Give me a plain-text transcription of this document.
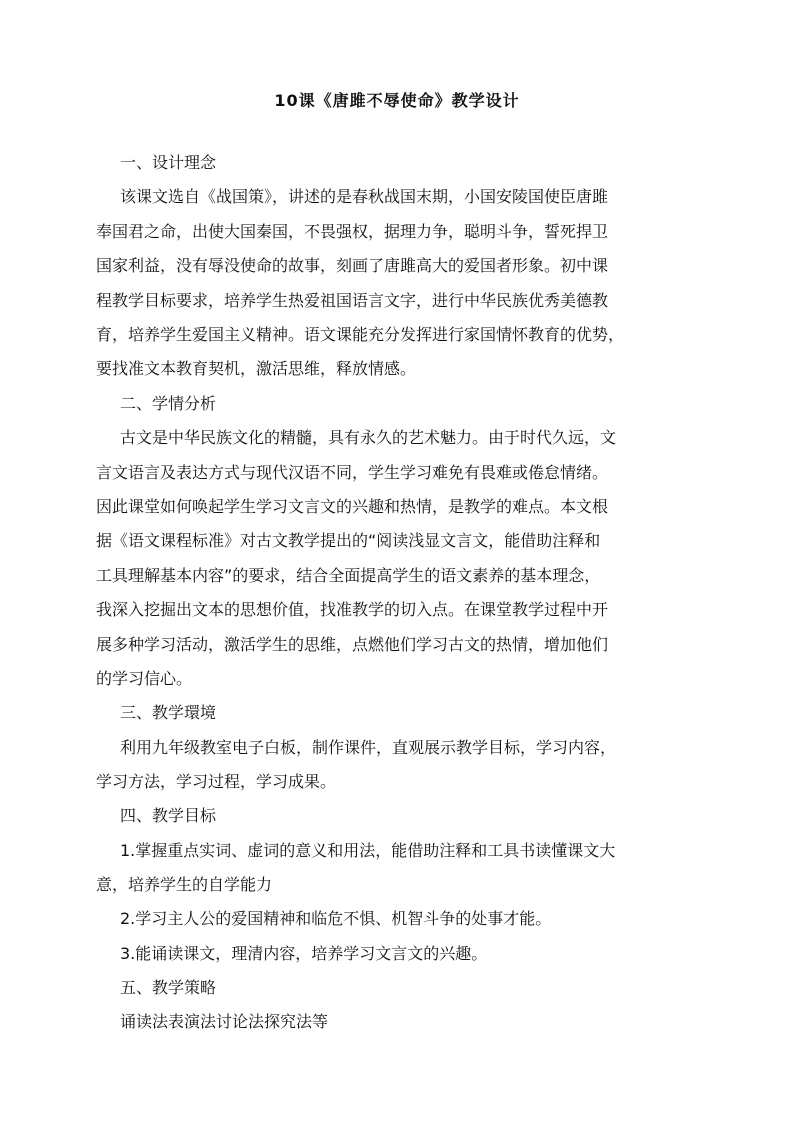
10课《唐雎不辱使命》教学设计
一、设计理念
该课文选自《战国策》，讲述的是春秋战国末期，小国安陵国使臣唐雎
奉国君之命，出使大国秦国，不畏强权，据理力争，聪明斗争，誓死捍卫
国家利益，没有辱没使命的故事，刻画了唐雎高大的爱国者形象。初中课
程教学目标要求，培养学生热爱祖国语言文字，进行中华民族优秀美德教
育，培养学生爱国主义精神。语文课能充分发挥进行家国情怀教育的优势，
要找准文本教育契机，激活思维，释放情感。
二、学情分析
古文是中华民族文化的精髓，具有永久的艺术魅力。由于时代久远，文
言文语言及表达方式与现代汉语不同，学生学习难免有畏难或倦怠情绪。
因此课堂如何唤起学生学习文言文的兴趣和热情，是教学的难点。本文根
据《语文课程标准》对古文教学提出的“阅读浅显文言文，能借助注释和
工具理解基本内容”的要求，结合全面提高学生的语文素养的基本理念，
我深入挖掘出文本的思想价值，找准教学的切入点。在课堂教学过程中开
展多种学习活动，激活学生的思维，点燃他们学习古文的热情，增加他们
的学习信心。
三、教学環境
利用九年级教室电子白板，制作课件，直观展示教学目标，学习内容，
学习方法，学习过程，学习成果。
四、教学目标
1.掌握重点实词、虚词的意义和用法，能借助注释和工具书读懂课文大
意，培养学生的自学能力
2.学习主人公的爱国精神和临危不惧、机智斗争的处事才能。
3.能诵读课文，理清内容，培养学习文言文的兴趣。
五、教学策略
诵读法表演法讨论法探究法等
